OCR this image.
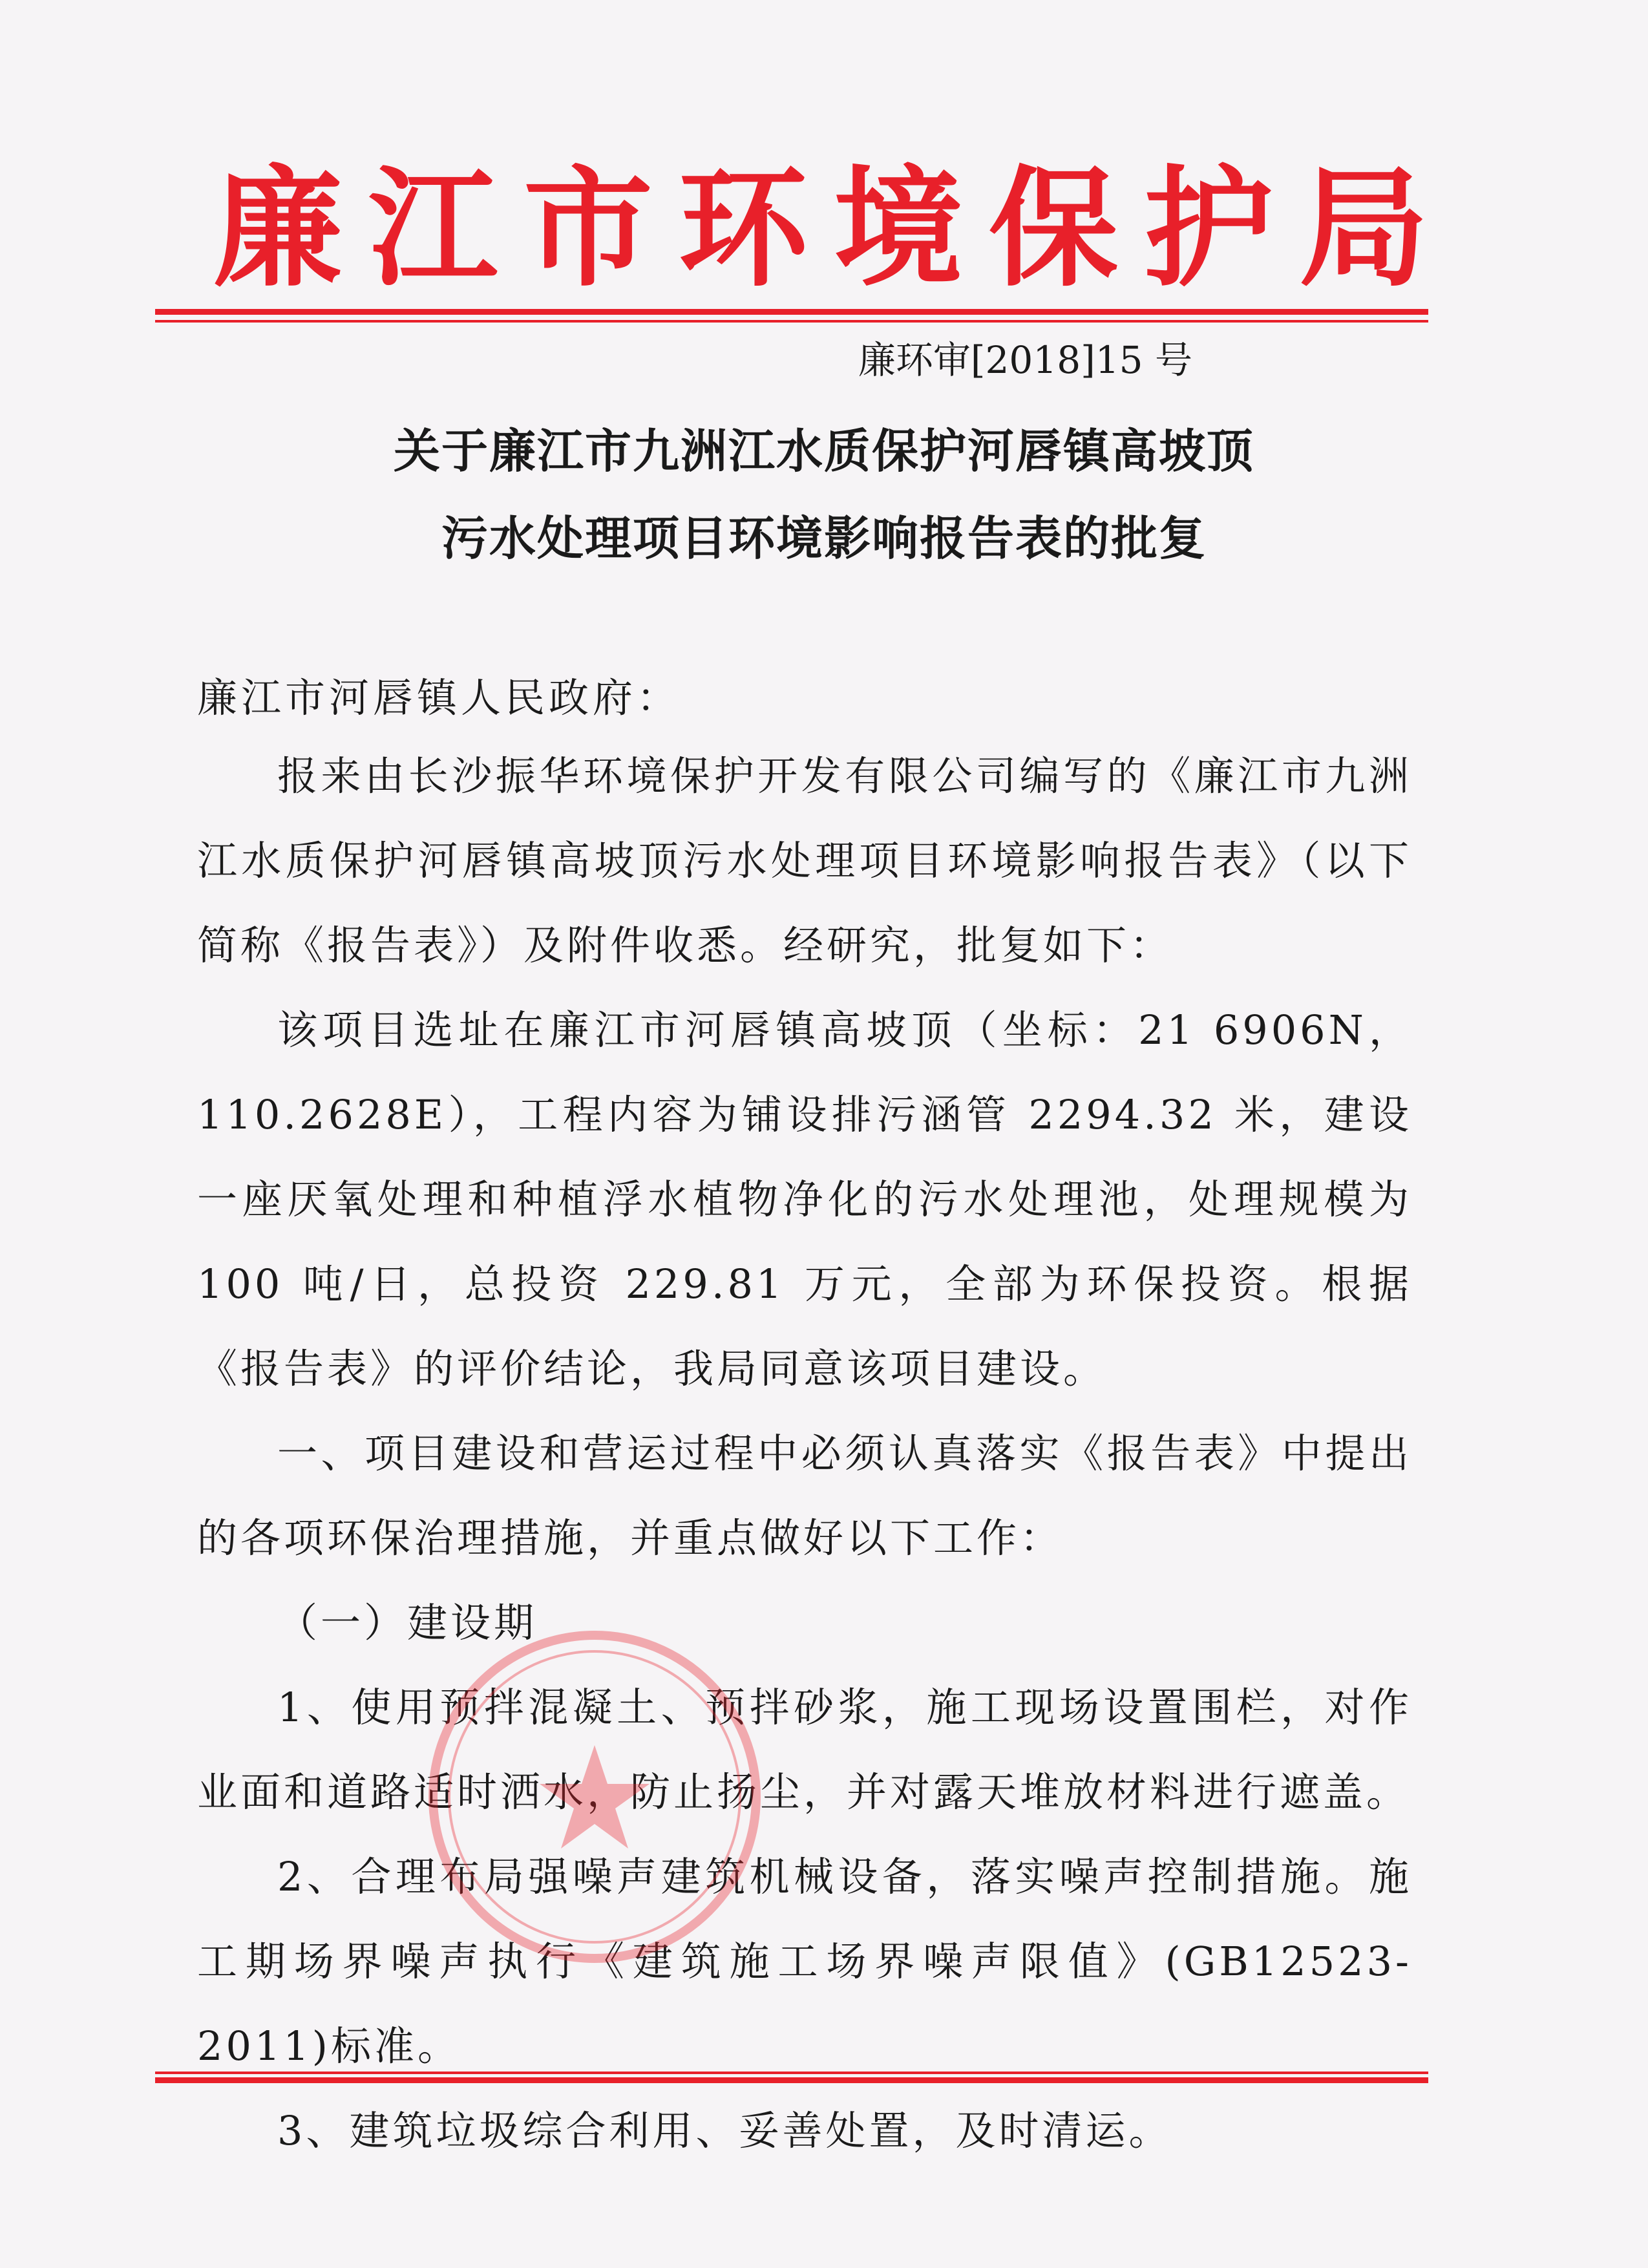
廉江市环境保护局
廉环审[2018]15 号
关于廉江市九洲江水质保护河唇镇高坡顶
污水处理项目环境影响报告表的批复
廉江市河唇镇人民政府：

报来由长沙振华环境保护开发有限公司编写的《廉江市九洲江水质保护河唇镇高坡顶污水处理项目环境影响报告表》（以下简称《报告表》）及附件收悉。经研究，批复如下：

该项目选址在廉江市河唇镇高坡顶（坐标：21 6906N，110.2628E），工程内容为铺设排污涵管 2294.32 米，建设一座厌氧处理和种植浮水植物净化的污水处理池，处理规模为 100 吨/日，总投资 229.81 万元，全部为环保投资。根据《报告表》的评价结论，我局同意该项目建设。

一、项目建设和营运过程中必须认真落实《报告表》中提出的各项环保治理措施，并重点做好以下工作：

（一）建设期

1、使用预拌混凝土、预拌砂浆，施工现场设置围栏，对作业面和道路适时洒水，防止扬尘，并对露天堆放材料进行遮盖。

2、合理布局强噪声建筑机械设备，落实噪声控制措施。施工期场界噪声执行《建筑施工场界噪声限值》(GB12523-2011)标准。

3、建筑垃圾综合利用、妥善处置，及时清运。
